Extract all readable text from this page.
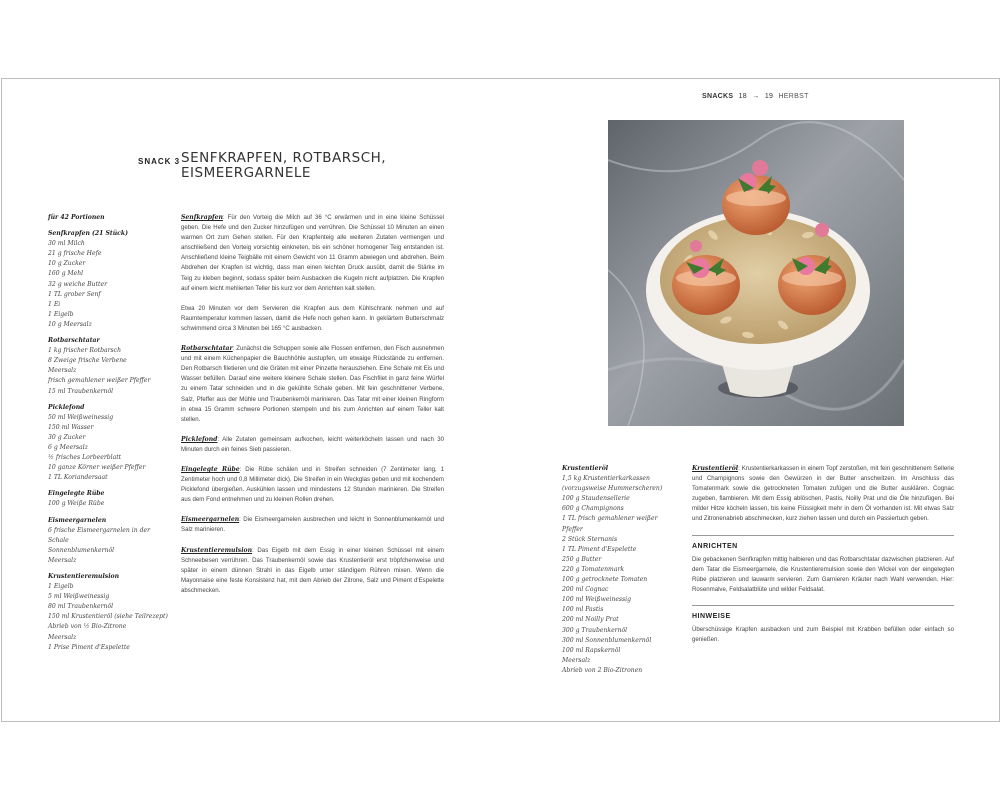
SNACKS 18 → 19 HERBST
SNACK 3 SENFKRAPFEN, ROTBARSCH, EISMEERGARNELE
für 42 Portionen
Senfkrapfen (21 Stück)
30 ml Milch
21 g frische Hefe
10 g Zucker
160 g Mehl
32 g weiche Butter
1 TL grober Senf
1 Ei
1 Eigelb
10 g Meersalz
Rotbarschtatar
1 kg frischer Rotbarsch
8 Zweige frische Verbene
Meersalz
frisch gemahlener weißer Pfeffer
15 ml Traubenkernöl
Picklefond
50 ml Weißweinessig
150 ml Wasser
30 g Zucker
6 g Meersalz
½ frisches Lorbeerblatt
10 ganze Körner weißer Pfeffer
1 TL Koriandersaat
Eingelegte Rübe
100 g Weiße Rübe
Eismeergarnelen
6 frische Eismeergarnelen in der Schale
Sonnenblumenkernöl
Meersalz
Krustentieremulsion
1 Eigelb
5 ml Weißweinessig
80 ml Traubenkernöl
150 ml Krustentieröl (siehe Teilrezept)
Abrieb von ½ Bio-Zitrone
Meersalz
1 Prise Piment d'Espelette

Senfkrapfen: Für den Vorteig die Milch auf 36 °C erwärmen und in eine kleine Schüssel geben. Die Hefe und den Zucker hinzufügen und verrühren. Die Schüssel 10 Minuten an einen warmen Ort zum Gehen stellen. Für den Krapfenteig alle weiteren Zutaten vermengen und anschließend den Vorteig vorsichtig einkneten, bis ein schöner homogener Teig entstanden ist. Anschließend kleine Teigbälle mit einem Gewicht von 11 Gramm abwiegen und abdrehen. Beim Abdrehen der Krapfen ist wichtig, dass man einen leichten Druck ausübt, damit die Stärke im Teig zu kleben beginnt, sodass später beim Ausbacken die Kugeln nicht aufplatzen. Die Krapfen auf einem leicht mehlierten Teller bis kurz vor dem Anrichten kalt stellen.

Etwa 20 Minuten vor dem Servieren die Krapfen aus dem Kühlschrank nehmen und auf Raumtemperatur kommen lassen, damit die Hefe noch gehen kann. In geklärtem Butterschmalz schwimmend circa 3 Minuten bei 165 °C ausbacken.

Rotbarschtatar: Zunächst die Schuppen sowie alle Flossen entfernen, den Fisch ausnehmen und mit einem Küchenpapier die Bauchhöhle austupfen, um etwaige Rückstände zu entfernen. Den Rotbarsch filetieren und die Gräten mit einer Pinzette herausziehen. Eine Schale mit Eis und Wasser befüllen. Darauf eine weitere kleinere Schale stellen. Das Fischfilet in ganz feine Würfel zu einem Tatar schneiden und in die gekühlte Schale geben. Mit fein geschnittener Verbene, Salz, Pfeffer aus der Mühle und Traubenkernöl marinieren. Das Tatar mit einer kleinen Ringform in etwa 15 Gramm schwere Portionen stempeln und bis zum Anrichten auf einem Teller kalt stellen.

Picklefond: Alle Zutaten gemeinsam aufkochen, leicht weiterköcheln lassen und nach 30 Minuten durch ein feines Sieb passieren.

Eingelegte Rübe: Die Rübe schälen und in Streifen schneiden (7 Zentimeter lang, 1 Zentimeter hoch und 0,8 Millimeter dick). Die Streifen in ein Weckglas geben und mit kochendem Picklefond übergießen. Auskühlen lassen und mindestens 12 Stunden marinieren. Die Streifen aus dem Fond entnehmen und zu kleinen Rollen drehen.

Eismeergarnelen: Die Eismeergarnelen ausbrechen und leicht in Sonnenblumenkernöl und Salz marinieren.

Krustentieremulsion: Das Eigelb mit dem Essig in einer kleinen Schüssel mit einem Schneebesen verrühren. Das Traubenkernöl sowie das Krustentieröl erst tröpfchenweise und später in einem dünnen Strahl in das Eigelb unter ständigem Rühren mixen. Wenn die Mayonnaise eine feste Konsistenz hat, mit dem Abrieb der Zitrone, Salz und Piment d'Espelette abschmecken.

Krustentieröl
1,5 kg Krustentierkarkassen (vorzugsweise Hummerscheren)
100 g Staudensellerie
600 g Champignons
1 TL frisch gemahlener weißer Pfeffer
2 Stück Sternanis
1 TL Piment d'Espelette
250 g Butter
220 g Tomatenmark
100 g getrocknete Tomaten
200 ml Cognac
100 ml Weißweinessig
100 ml Pastis
200 ml Noilly Prat
300 g Traubenkernöl
300 ml Sonnenblumenkernöl
100 ml Rapskernöl
Meersalz
Abrieb von 2 Bio-Zitronen

Krustentieröl: Krustentierkarkassen in einem Topf zerstoßen, mit fein geschnittenem Sellerie und Champignons sowie den Gewürzen in der Butter anschwitzen. Im Anschluss das Tomatenmark sowie die getrockneten Tomaten zufügen und die Butter ausklären. Cognac zugeben, flambieren. Mit dem Essig ablöschen, Pastis, Noilly Prat und die Öle hinzufügen. Bei milder Hitze köcheln lassen, bis keine Flüssigkeit mehr in dem Öl vorhanden ist. Mit etwas Salz und Zitronenabrieb abschmecken, kurz ziehen lassen und durch ein Passiertuch geben.

ANRICHTEN

Die gebackenen Senfkrapfen mittig halbieren und das Rotbarschtatar dazwischen platzieren. Auf dem Tatar die Eismeergarnele, die Krustentieremulsion sowie den Wickel von der eingelegten Rübe platzieren und lauwarm servieren. Zum Garnieren Kräuter nach Wahl verwenden. Hier: Rosenmalve, Feldsalatblüte und wilder Feldsalat.

HINWEISE

Überschüssige Krapfen ausbacken und zum Beispiel mit Krabben befüllen oder einfach so genießen.
